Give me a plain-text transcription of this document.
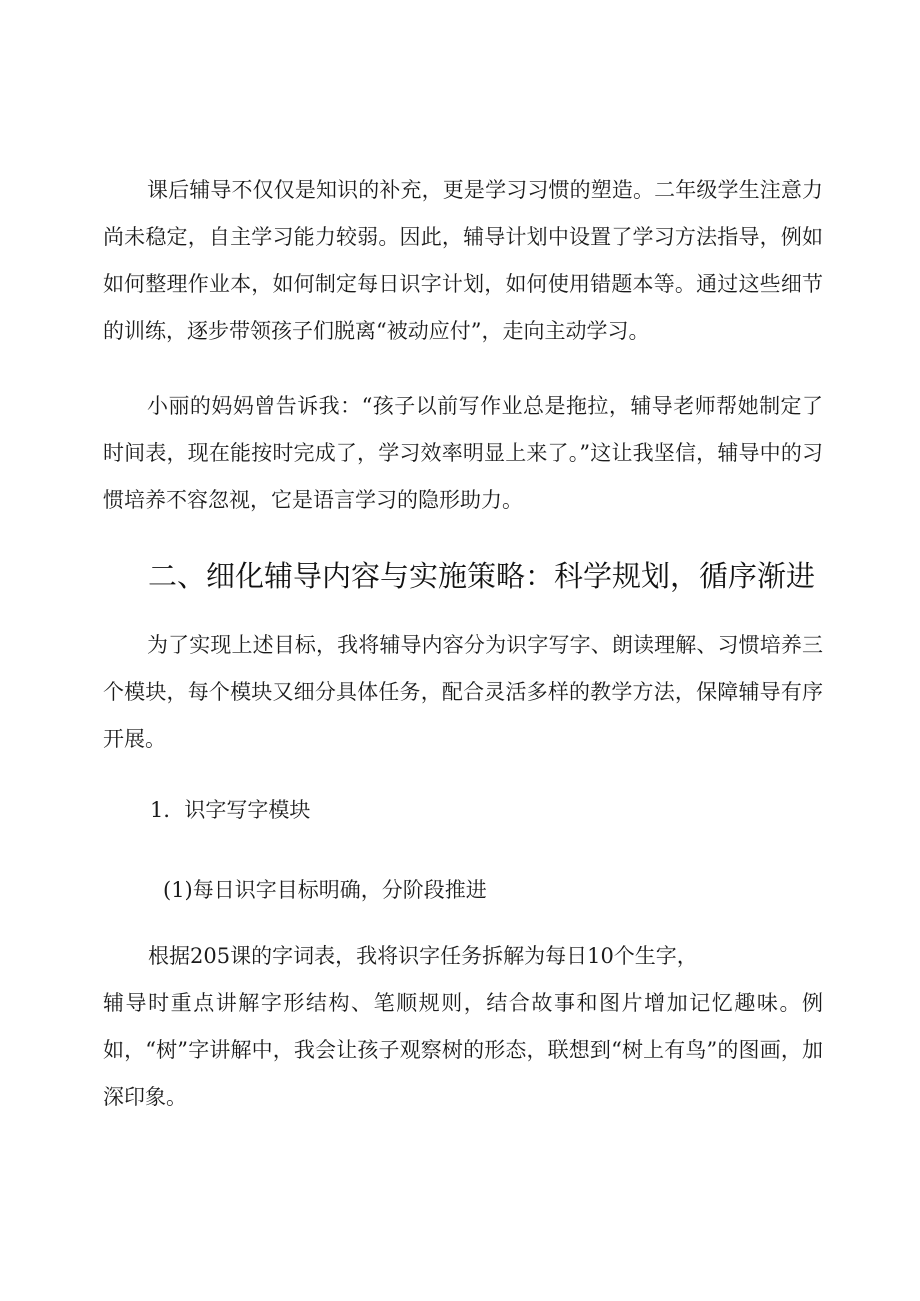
课后辅导不仅仅是知识的补充，更是学习习惯的塑造。二年级学生注意力尚未稳定，自主学习能力较弱。因此，辅导计划中设置了学习方法指导，例如如何整理作业本，如何制定每日识字计划，如何使用错题本等。通过这些细节的训练，逐步带领孩子们脱离“被动应付”，走向主动学习。

小丽的妈妈曾告诉我：“孩子以前写作业总是拖拉，辅导老师帮她制定了时间表，现在能按时完成了，学习效率明显上来了。”这让我坚信，辅导中的习惯培养不容忽视，它是语言学习的隐形助力。

二、细化辅导内容与实施策略：科学规划，循序渐进

为了实现上述目标，我将辅导内容分为识字写字、朗读理解、习惯培养三个模块，每个模块又细分具体任务，配合灵活多样的教学方法，保障辅导有序开展。

1．识字写字模块
(1)每日识字目标明确，分阶段推进

根据205课的字词表，我将识字任务拆解为每日10个生字，

辅导时重点讲解字形结构、笔顺规则，结合故事和图片增加记忆趣味。例如，“树”字讲解中，我会让孩子观察树的形态，联想到“树上有鸟”的图画，加深印象。
